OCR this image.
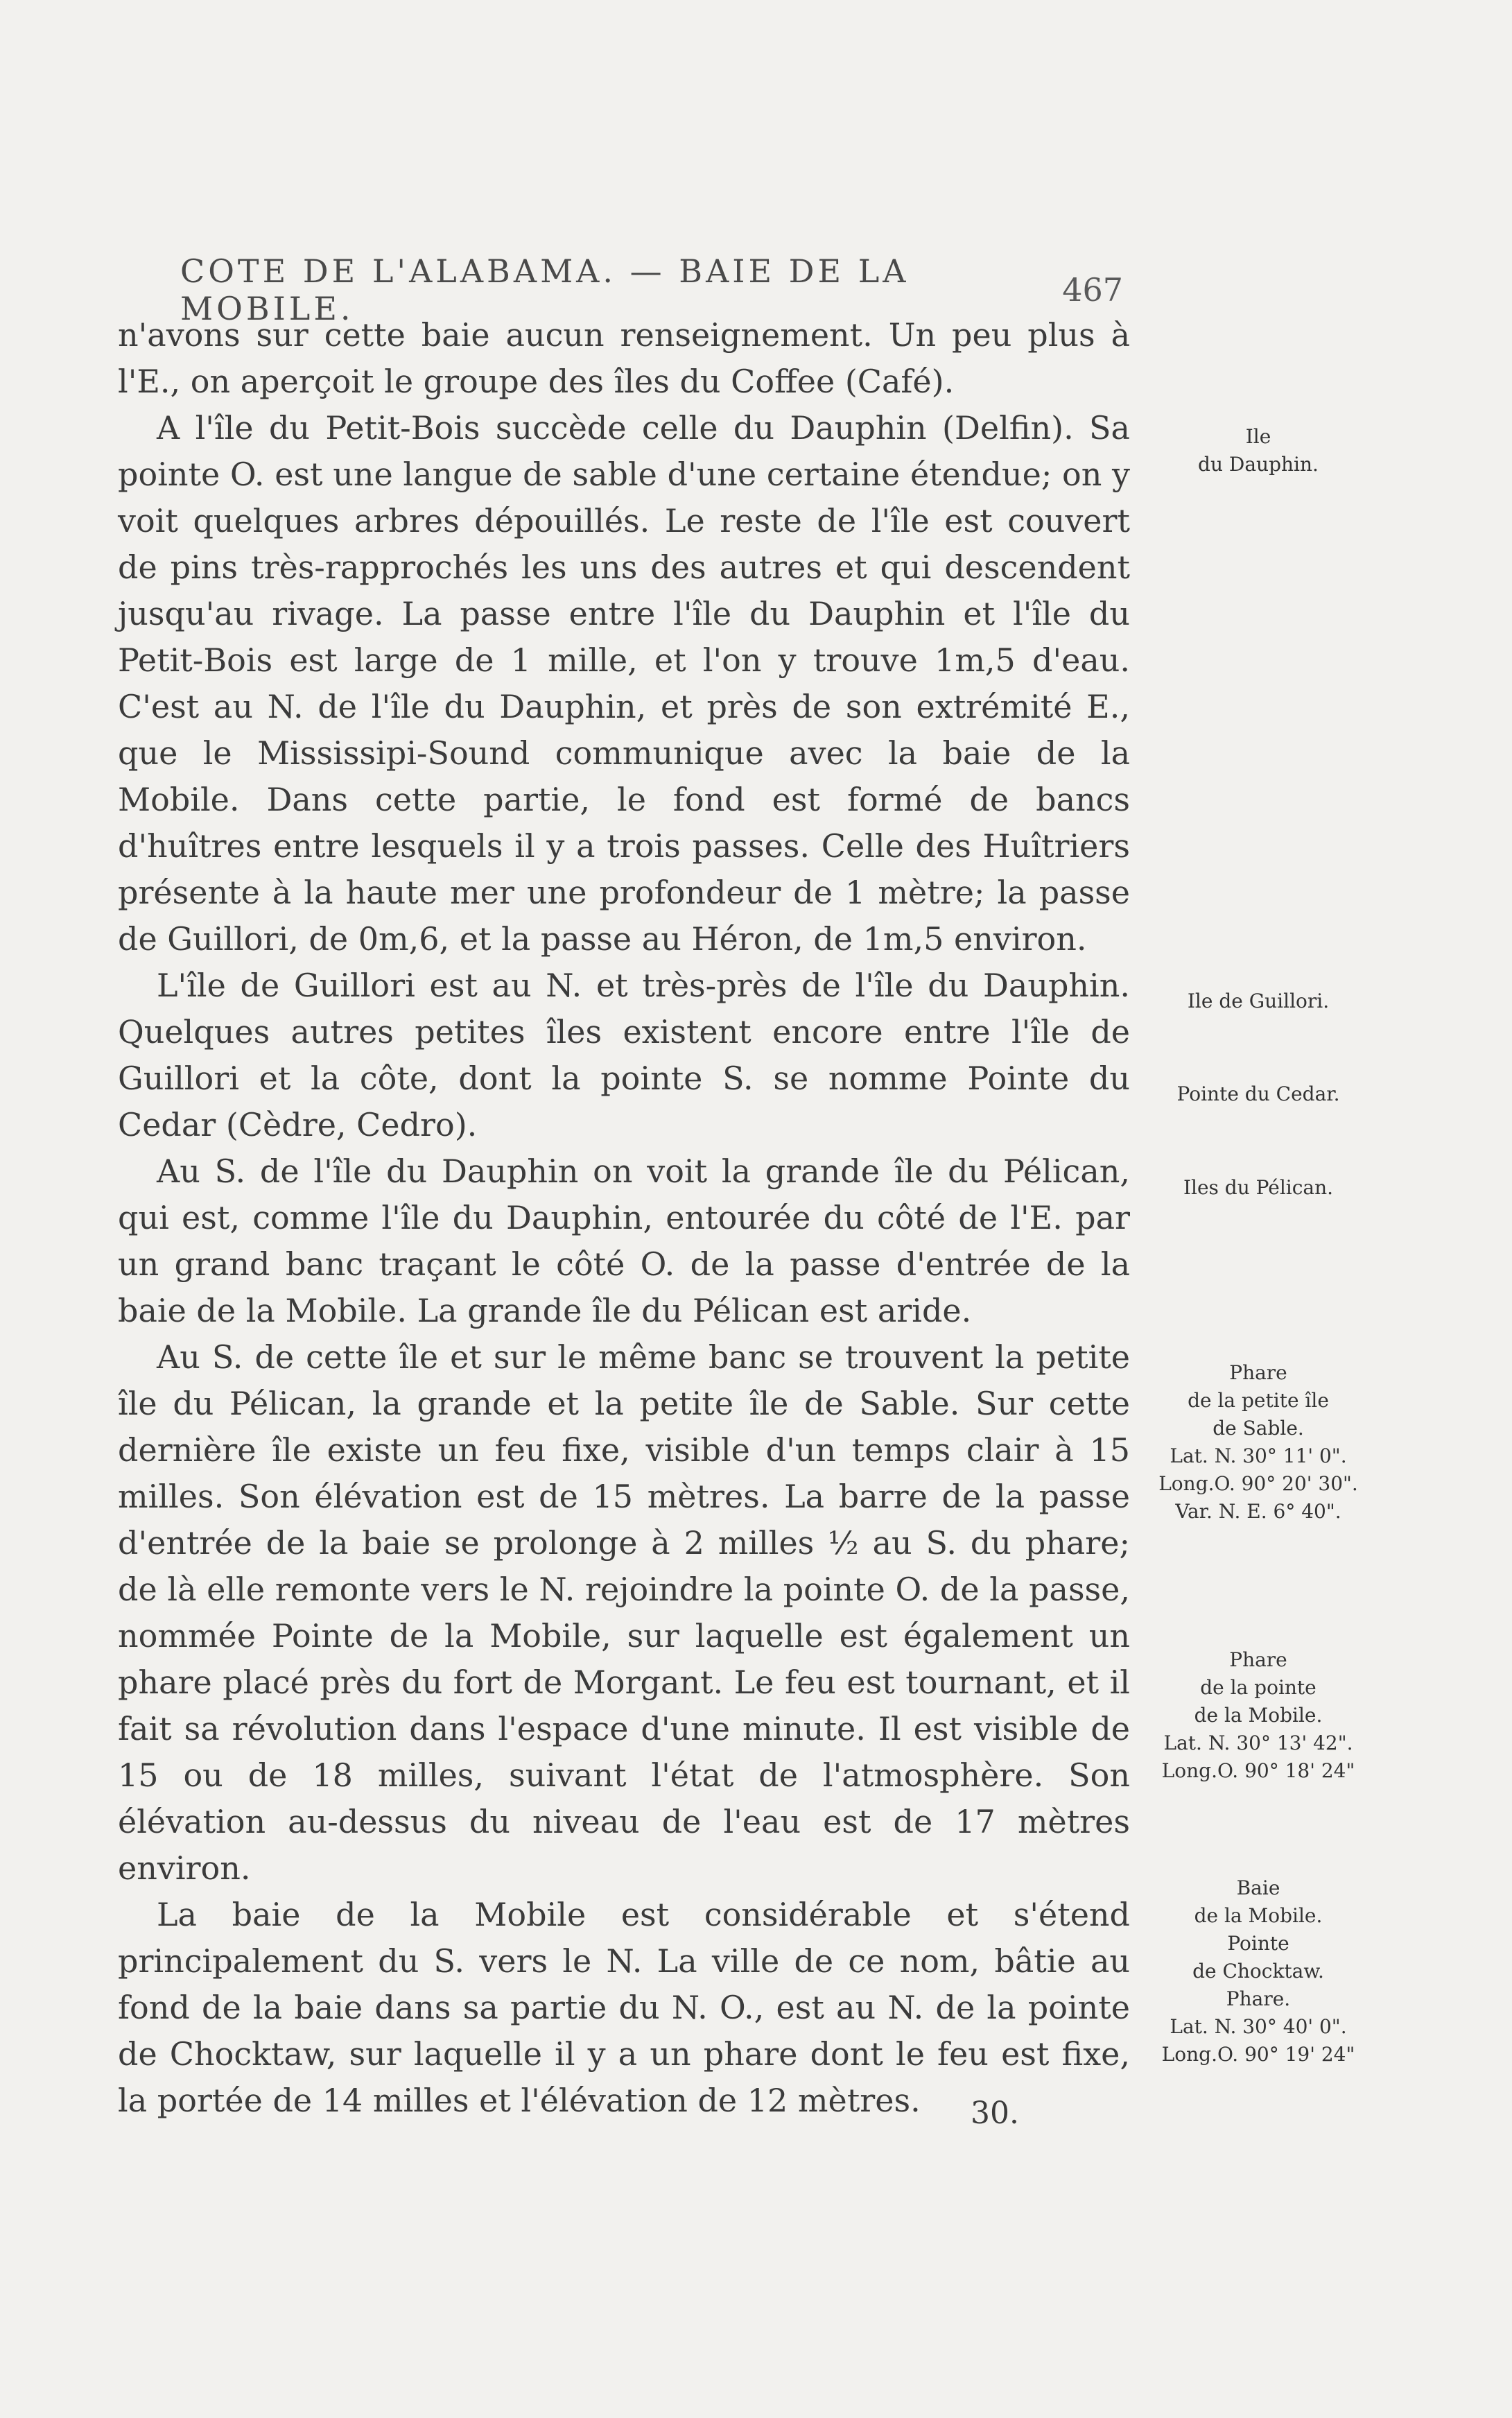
COTE DE L'ALABAMA. — BAIE DE LA MOBILE.	467

n'avons sur cette baie aucun renseignement. Un peu plus à l'E., on aperçoit le groupe des îles du Coffee (Café).

A l'île du Petit-Bois succède celle du Dauphin (Delfin). Sa pointe O. est une langue de sable d'une certaine étendue; on y voit quelques arbres dépouillés. Le reste de l'île est couvert de pins très-rapprochés les uns des autres et qui descendent jusqu'au rivage. La passe entre l'île du Dauphin et l'île du Petit-Bois est large de 1 mille, et l'on y trouve 1m,5 d'eau. C'est au N. de l'île du Dauphin, et près de son extrémité E., que le Mississipi-Sound communique avec la baie de la Mobile. Dans cette partie, le fond est formé de bancs d'huîtres entre lesquels il y a trois passes. Celle des Huîtriers présente à la haute mer une profondeur de 1 mètre; la passe de Guillori, de 0m,6, et la passe au Héron, de 1m,5 environ.

L'île de Guillori est au N. et très-près de l'île du Dauphin. Quelques autres petites îles existent encore entre l'île de Guillori et la côte, dont la pointe S. se nomme Pointe du Cedar (Cèdre, Cedro).

Au S. de l'île du Dauphin on voit la grande île du Pélican, qui est, comme l'île du Dauphin, entourée du côté de l'E. par un grand banc traçant le côté O. de la passe d'entrée de la baie de la Mobile. La grande île du Pélican est aride.

Au S. de cette île et sur le même banc se trouvent la petite île du Pélican, la grande et la petite île de Sable. Sur cette dernière île existe un feu fixe, visible d'un temps clair à 15 milles. Son élévation est de 15 mètres. La barre de la passe d'entrée de la baie se prolonge à 2 milles ½ au S. du phare; de là elle remonte vers le N. rejoindre la pointe O. de la passe, nommée Pointe de la Mobile, sur laquelle est également un phare placé près du fort de Morgant. Le feu est tournant, et il fait sa révolution dans l'espace d'une minute. Il est visible de 15 ou de 18 milles, suivant l'état de l'atmosphère. Son élévation au-dessus du niveau de l'eau est de 17 mètres environ.

La baie de la Mobile est considérable et s'étend principalement du S. vers le N. La ville de ce nom, bâtie au fond de la baie dans sa partie du N. O., est au N. de la pointe de Chocktaw, sur laquelle il y a un phare dont le feu est fixe, la portée de 14 milles et l'élévation de 12 mètres.

Ile
du Dauphin.
Ile de Guillori.
Pointe du Cedar.
Iles du Pélican.
Phare
de la petite île
de Sable.
Lat. N. 30° 11' 0".
Long.O. 90° 20' 30".
Var. N. E. 6° 40".
Phare
de la pointe
de la Mobile.
Lat. N. 30° 13' 42".
Long.O. 90° 18' 24"
Baie
de la Mobile.
Pointe
de Chocktaw.
Phare.
Lat. N. 30° 40' 0".
Long.O. 90° 19' 24"
30.
